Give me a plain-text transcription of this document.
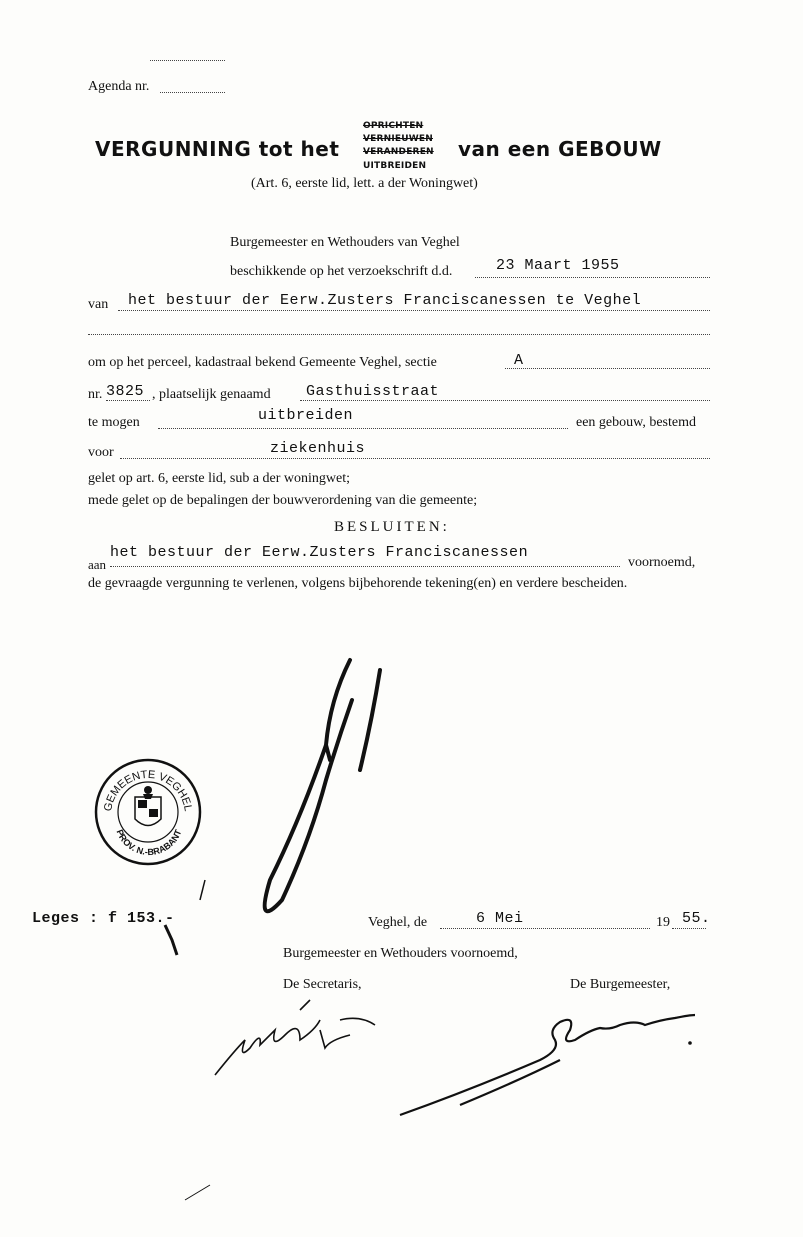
Agenda nr.
VERGUNNING tot het
OPRICHTEN
VERNIEUWEN
VERANDEREN
UITBREIDEN
van een GEBOUW
(Art. 6, eerste lid, lett. a der Woningwet)
Burgemeester en Wethouders van Veghel
beschikkende op het verzoekschrift d.d.	23 Maart 1955
van het bestuur der Eerw.Zusters Franciscanessen te Veghel
om op het perceel, kadastraal bekend Gemeente Veghel, sectie	A
nr. 3825 , plaatselijk genaamd Gasthuisstraat
te mogen	uitbreiden	een gebouw, bestemd
voor	ziekenhuis
gelet op art. 6, eerste lid, sub a der woningwet;
mede gelet op de bepalingen der bouwverordening van die gemeente;
BESLUITEN:
aan
het bestuur der Eerw.Zusters Franciscanessen
voornoemd,
de gevraagde vergunning te verlenen, volgens bijbehorende tekening(en) en verdere bescheiden.
GEMEENTE VEGHEL
PROV. N.-BRABANT
Leges : f 153.-	Veghel, de	6 Mei	19 55.
Burgemeester en Wethouders voornoemd,
De Secretaris,	De Burgemeester,
